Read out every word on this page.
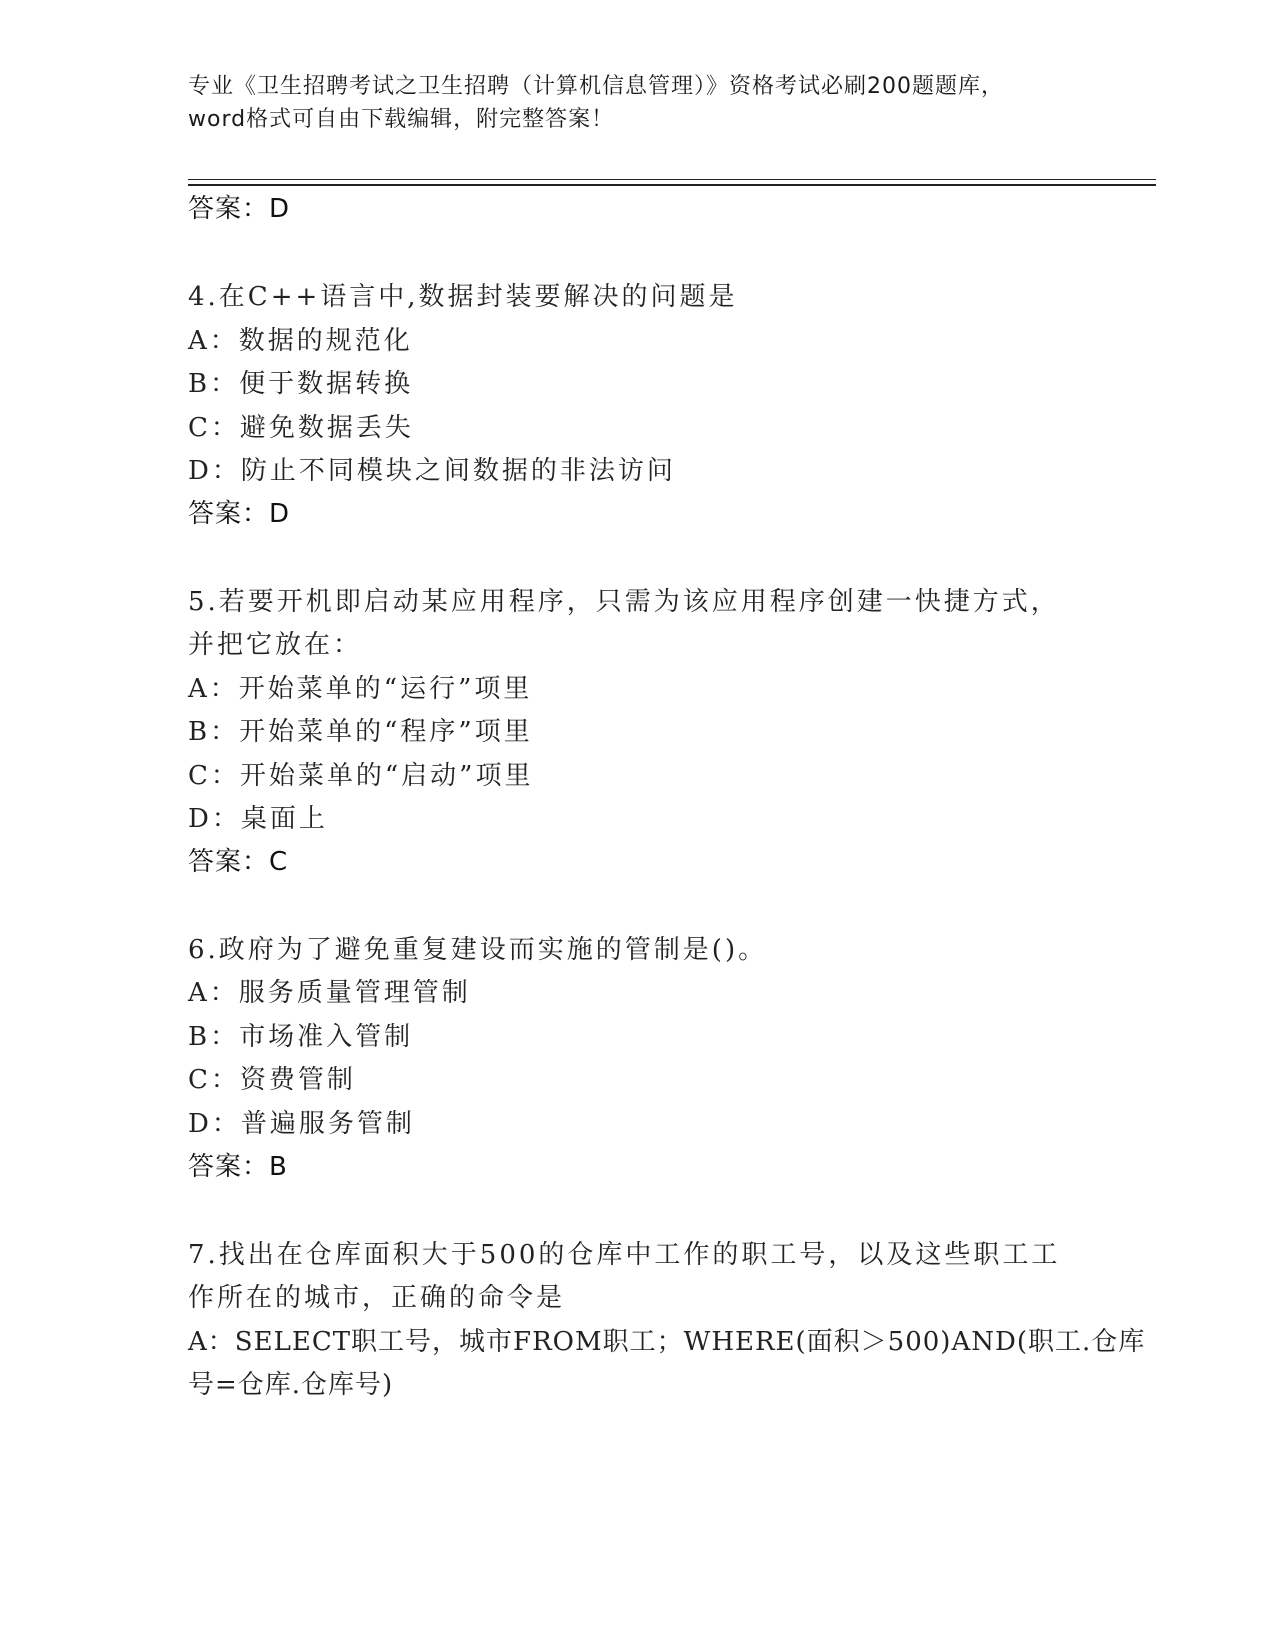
专业《卫生招聘考试之卫生招聘（计算机信息管理）》资格考试必刷200题题库，
word格式可自由下载编辑，附完整答案！
答案：D
4.在C++语言中,数据封装要解决的问题是
A：数据的规范化
B：便于数据转换
C：避免数据丢失
D：防止不同模块之间数据的非法访问
答案：D
5.若要开机即启动某应用程序，只需为该应用程序创建一快捷方式，
并把它放在：
A：开始菜单的“运行”项里
B：开始菜单的“程序”项里
C：开始菜单的“启动”项里
D：桌面上
答案：C
6.政府为了避免重复建设而实施的管制是()。
A：服务质量管理管制
B：市场准入管制
C：资费管制
D：普遍服务管制
答案：B
7.找出在仓库面积大于500的仓库中工作的职工号，以及这些职工工
作所在的城市，正确的命令是
A：SELECT职工号，城市FROM职工；WHERE(面积＞500)AND(职工.仓库
号=仓库.仓库号)
